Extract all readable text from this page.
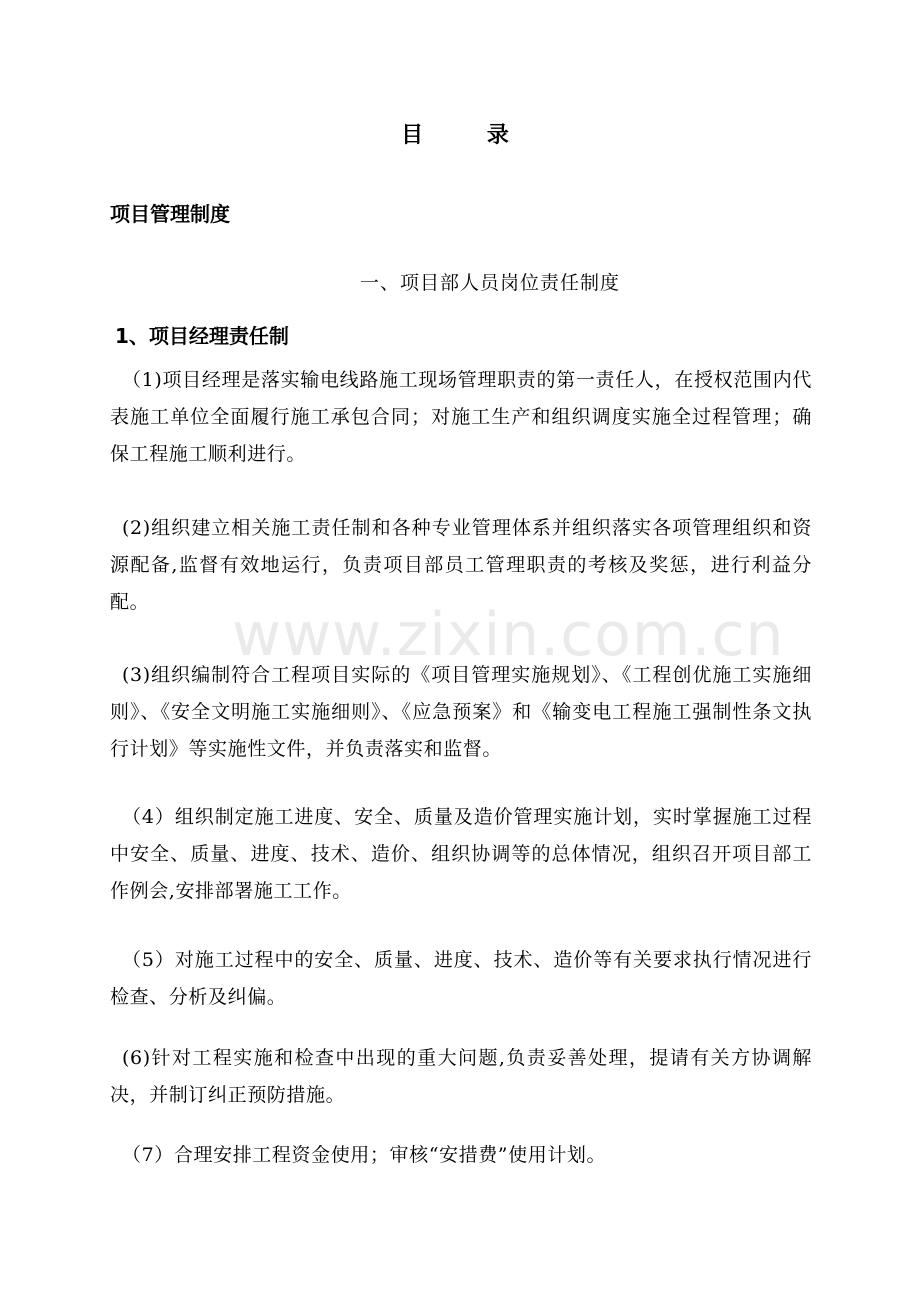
目 录
项目管理制度
一、项目部人员岗位责任制度
1、项目经理责任制
（1)项目经理是落实输电线路施工现场管理职责的第一责任人，在授权范围内代表施工单位全面履行施工承包合同；对施工生产和组织调度实施全过程管理；确保工程施工顺利进行。
(2)组织建立相关施工责任制和各种专业管理体系并组织落实各项管理组织和资源配备,监督有效地运行，负责项目部员工管理职责的考核及奖惩，进行利益分配。
(3)组织编制符合工程项目实际的《项目管理实施规划》、《工程创优施工实施细则》、《安全文明施工实施细则》、《应急预案》和《输变电工程施工强制性条文执行计划》等实施性文件，并负责落实和监督。
（4）组织制定施工进度、安全、质量及造价管理实施计划，实时掌握施工过程中安全、质量、进度、技术、造价、组织协调等的总体情况，组织召开项目部工作例会,安排部署施工工作。
（5）对施工过程中的安全、质量、进度、技术、造价等有关要求执行情况进行检查、分析及纠偏。
(6)针对工程实施和检查中出现的重大问题,负责妥善处理，提请有关方协调解决，并制订纠正预防措施。
（7）合理安排工程资金使用；审核“安措费”使用计划。
www.zixin.com.cn
